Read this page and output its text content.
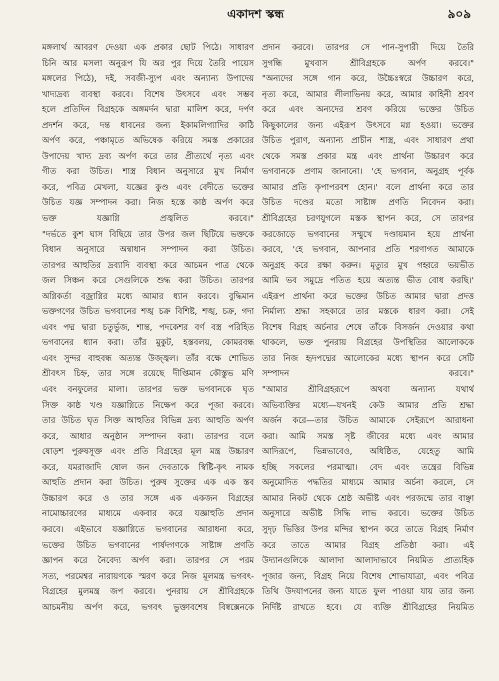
একাদশ স্কন্ধ	৯০৯
মঙ্গলার্থ আবরণ দেওয়া এক প্রকার ছোট পিঠে। সাধারণ
চিনি আর মসলা অনুরূপ যি অর পুর দিয়ে তৈরি পায়েস
মঙ্গলের পিঠে), দই, সবজী-স্যুপ এবং অন্যান্য উপাদেয়
খাদ্যদ্রব্য ব্যবস্থা করবে। বিশেষ উৎসবে এবং সম্ভব
হলে প্রতিদিন বিগ্রহকে অঙ্গমর্দন দ্বারা মালিশ করে, দর্পণ
প্রদর্শন করে, দন্ত ধাবনের জন্য ইকামলিগ্যাদির কাঠি
অর্পণ করে, পঞ্চামৃতে অভিষেক করিয়ে সমস্ত প্রকারের
উপাদেয় খাদ্য দ্রব্য অর্পণ করে তার প্রীত্যর্থে নৃত্য এবং
গীত করা উচিত। শাস্ত্র বিধান অনুসারে মুখ নির্মাণ
করে, পবিত্র মেখলা, যজ্ঞের কুণ্ড এবং বেদীতে ভক্তের
উচিত যজ্ঞ সম্পাদন করা। নিজ হস্তে কাষ্ঠ অর্পণ করে
ভক্ত যজ্ঞাগ্নি প্রজ্বলিত করবে।"
"দর্ভতে কুশ ঘাস বিছিয়ে তার উপর জল ছিটিয়ে ভক্তকে
বিধান অনুসারে অন্বাধান সম্পাদন করা উচিত।
তারপর আহুতির দ্রব্যাদি ব্যবস্থা করে আচমন পাত্র থেকে
জল সিঞ্চন করে সেগুলিকে শুদ্ধ করা উচিত। তারপর
অগ্নিকর্তা বজ্রাগ্নির মধ্যে আমার ধ্যান করবে। বুদ্ধিমান
ভক্তগণের উচিত ভগবানের শঙ্খ চক্র বিশিষ্ট, শঙ্খ, চক্র, গদা
এবং পদ্ম দ্বারা চতুর্ভুজ, শান্ত, পদকেশর বর্ণ বস্ত্র পরিহিত
ভগবানের ধ্যান করা। তাঁর মুকুট, হস্তবলয়, কোমরবন্ধ
এবং সুন্দর বাহুবন্ধ অত্যন্ত উজ্জ্বল। তাঁর বক্ষে শোভিত
শ্রীবৎস চিহ্ন, তার সঙ্গে রয়েছে দীপ্তিমান কৌস্তুভ মণি
এবং বনফুলের মালা। তারপর ভক্ত ভগবানকে ঘৃত
সিক্ত কাষ্ঠ খণ্ড যজ্ঞাগ্নিতে নিক্ষেপ করে পূজা করবে।
তার উচিত ঘৃত সিক্ত আহুতির বিভিন্ন দ্রব্য আহুতি অর্পণ
করে, আধার অনুষ্ঠান সম্পাদন করা। তারপর বলে
ষোড়শ পুরুষসূক্ত এবং প্রতি বিগ্রহের মূল মন্ত্র উচ্চারণ
করে, যমরাজাদি ষোল জন দেবতাকে স্বিষ্টি-কৃৎ নামক
আহুতি প্রদান করা উচিত। পুরুষ সুক্তের এক এক স্তব
উচ্চারণ করে ও তার সঙ্গে এক একজন বিগ্রহের
নামোচ্চারণের মাধ্যমে একবার করে যজ্ঞাহুতি প্রদান
করবে। এইভাবে যজ্ঞাগ্নিতে ভগবানের আরাধনা করে,
ভক্তের উচিত ভগবানের পার্ষদগণকে সাষ্টাঙ্গ প্রণতি
জ্ঞাপন করে নৈবেদ্য অর্পণ করা। তারপর সে পরম
সত্য, পরমেশ্বর নারায়ণকে স্মরণ করে নিজ মূলমন্ত্র ভগবৎ-
বিগ্রহের মুলমন্ত্র জপ করবে। পুনরায় সে শ্রীবিগ্রহকে
আচমনীয় অর্পণ করে, ভগবৎ ভুক্তাবশেষ বিষ্বক্সেনকে
প্রদান করবে। তারপর সে পান-সুপারী দিয়ে তৈরি
সুগন্ধি মুখবাস শ্রীবিগ্রহকে অর্পণ করবে।"
"অন্যদের সঙ্গে গান করে, উচ্চৈঃস্বরে উচ্চারণ করে,
নৃত্য করে, আমার লীলাভিনয় করে, আমার কাহিনী শ্রবণ
করে এবং অন্যদের শ্রবণ করিয়ে ভক্তের উচিত
কিছুকালের জন্য এইরূপ উৎসবে মগ্ন হওয়া। ভক্তের
উচিত পুরাণ, অন্যান্য প্রাচীন শাস্ত্র, এবং সাধারণ প্রথা
থেকে সমস্ত প্রকার মন্ত্র এবং প্রার্থনা উচ্চারণ করে
ভগবানকে প্রণাম জানানো। 'হে ভগবান, অনুগ্রহ পূর্বক
আমার প্রতি কৃপাপরবশ হোন।' বলে প্রার্থনা করে তার
উচিত দণ্ডের মতো সাষ্টাঙ্গ প্রণতি নিবেদন করা।
শ্রীবিগ্রহের চরণযুগলে মস্তক স্থাপন করে, সে তারপর
করজোড়ে ভগবানের সম্মুখে দণ্ডায়মান হয়ে প্রার্থনা
করবে, 'হে ভগবান, আপনার প্রতি শরণাগত আমাকে
অনুগ্রহ করে রক্ষা করুন। মৃত্যুর মুখ গহ্বরে ভয়ভীত
আমি ভব সমুদ্রে পতিত হয়ে অত্যন্ত ভীত বোধ করছি।'
এইরূপ প্রার্থনা করে ভক্তের উচিত আমার দ্বারা প্রদত্ত
নির্মাল্য শ্রদ্ধা সহকারে তার মস্তকে ধারণ করা। সেই
বিশেষ বিগ্রহ অর্চনার শেষে তাঁকে বিসর্জন দেওয়ার কথা
থাকলে, ভক্ত পুনরায় বিগ্রহের উপস্থিতির আলোককে
তার নিজ হৃদপদ্মের আলোকের মধ্যে স্থাপন করে সেটি
সম্পাদন করবে।"
"আমার শ্রীবিগ্রহরূপে অথবা অন্যান্য যথার্থ
অভিব্যক্তির মধ্যে—যখনই কেউ আমার প্রতি শ্রদ্ধা
অর্জন করে—তার উচিত আমাকে সেইরূপে আরাধনা
করা। আমি সমস্ত সৃষ্ট জীবের মধ্যে এবং আমার
আদিরূপে, ভিন্নভাবেও, অধিষ্ঠিত, যেহেতু আমি
হচ্ছি সকলের পরমাত্মা। বেদ এবং তন্ত্রের বিভিন্ন
অনুমোদিত পদ্ধতির মাধ্যমে আমার অর্চনা করলে, সে
আমার নিকট থেকে শ্রেষ্ঠ অভীষ্ট এবং পরজন্মে তার বাঞ্ছা
অনুসারে অভীষ্ট সিদ্ধি লাভ করবে। ভক্তের উচিত
সুদৃঢ় ভিত্তির উপর মন্দির স্থাপন করে তাতে বিগ্রহ নির্মাণ
করে তাতে আমার বিগ্রহ প্রতিষ্ঠা করা। এই
উদ্যানগুলিকে আলাদা আলাদাভাবে নিয়মিত প্রাত্যহিক
পূজার জন্য, বিগ্রহ নিয়ে বিশেষ শোভাযাত্রা, এবং পবিত্র
তিথি উদযাপনের জন্য যাতে ফুল পাওয়া যায় তার জন্য
নির্দিষ্ট রাখতে হবে। যে ব্যক্তি শ্রীবিগ্রহের নিয়মিত
